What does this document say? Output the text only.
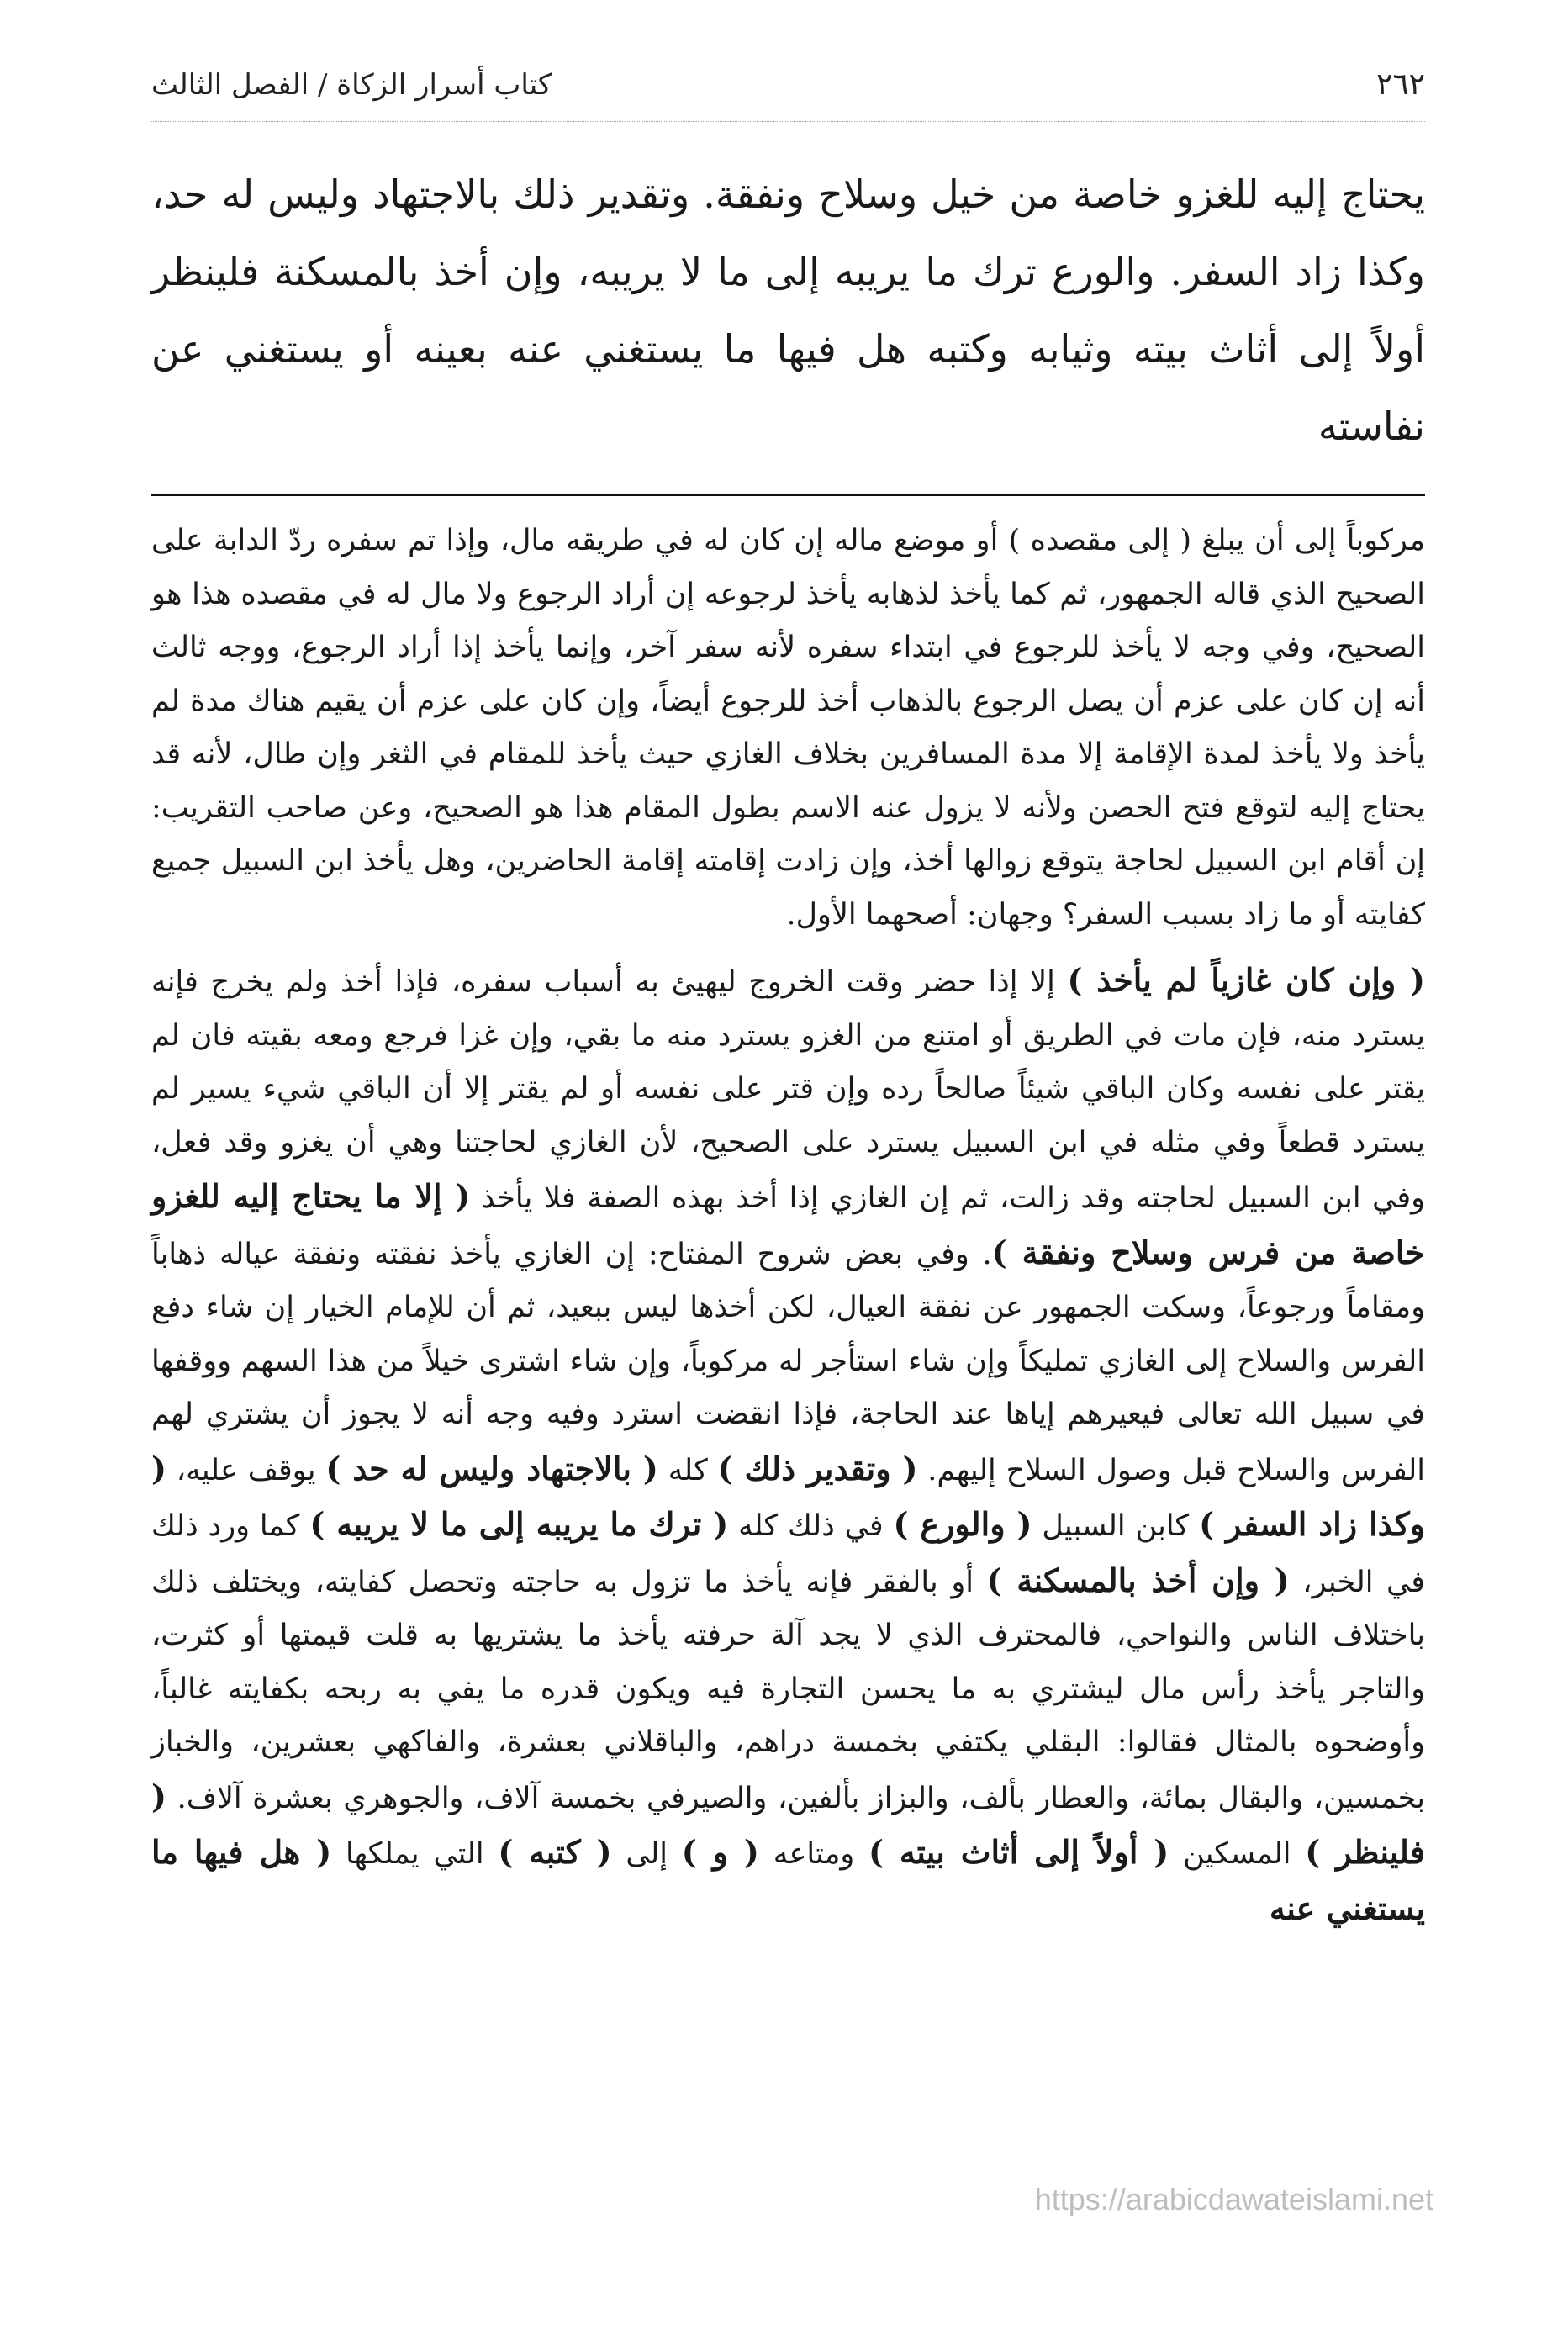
٢٦٢
كتاب أسرار الزكاة / الفصل الثالث

يحتاج إليه للغزو خاصة من خيل وسلاح ونفقة. وتقدير ذلك بالاجتهاد وليس له حد، وكذا زاد السفر. والورع ترك ما يريبه إلى ما لا يريبه، وإن أخذ بالمسكنة فلينظر أولاً إلى أثاث بيته وثيابه وكتبه هل فيها ما يستغني عنه بعينه أو يستغني عن نفاسته

مركوباً إلى أن يبلغ ( إلى مقصده ) أو موضع ماله إن كان له في طريقه مال، وإذا تم سفره ردّ الدابة على الصحيح الذي قاله الجمهور، ثم كما يأخذ لذهابه يأخذ لرجوعه إن أراد الرجوع ولا مال له في مقصده هذا هو الصحيح، وفي وجه لا يأخذ للرجوع في ابتداء سفره لأنه سفر آخر، وإنما يأخذ إذا أراد الرجوع، ووجه ثالث أنه إن كان على عزم أن يصل الرجوع بالذهاب أخذ للرجوع أيضاً، وإن كان على عزم أن يقيم هناك مدة لم يأخذ ولا يأخذ لمدة الإقامة إلا مدة المسافرين بخلاف الغازي حيث يأخذ للمقام في الثغر وإن طال، لأنه قد يحتاج إليه لتوقع فتح الحصن ولأنه لا يزول عنه الاسم بطول المقام هذا هو الصحيح، وعن صاحب التقريب: إن أقام ابن السبيل لحاجة يتوقع زوالها أخذ، وإن زادت إقامته إقامة الحاضرين، وهل يأخذ ابن السبيل جميع كفايته أو ما زاد بسبب السفر؟ وجهان: أصحهما الأول.

( وإن كان غازياً لم يأخذ ) إلا إذا حضر وقت الخروج ليهيئ به أسباب سفره، فإذا أخذ ولم يخرج فإنه يسترد منه، فإن مات في الطريق أو امتنع من الغزو يسترد منه ما بقي، وإن غزا فرجع ومعه بقيته فان لم يقتر على نفسه وكان الباقي شيئاً صالحاً رده وإن قتر على نفسه أو لم يقتر إلا أن الباقي شيء يسير لم يسترد قطعاً وفي مثله في ابن السبيل يسترد على الصحيح، لأن الغازي لحاجتنا وهي أن يغزو وقد فعل، وفي ابن السبيل لحاجته وقد زالت، ثم إن الغازي إذا أخذ بهذه الصفة فلا يأخذ ( إلا ما يحتاج إليه للغزو خاصة من فرس وسلاح ونفقة ). وفي بعض شروح المفتاح: إن الغازي يأخذ نفقته ونفقة عياله ذهاباً ومقاماً ورجوعاً، وسكت الجمهور عن نفقة العيال، لكن أخذها ليس ببعيد، ثم أن للإمام الخيار إن شاء دفع الفرس والسلاح إلى الغازي تمليكاً وإن شاء استأجر له مركوباً، وإن شاء اشترى خيلاً من هذا السهم ووقفها في سبيل الله تعالى فيعيرهم إياها عند الحاجة، فإذا انقضت استرد وفيه وجه أنه لا يجوز أن يشتري لهم الفرس والسلاح قبل وصول السلاح إليهم. ( وتقدير ذلك ) كله ( بالاجتهاد وليس له حد ) يوقف عليه، ( وكذا زاد السفر ) كابن السبيل ( والورع ) في ذلك كله ( ترك ما يريبه إلى ما لا يريبه ) كما ورد ذلك في الخبر، ( وإن أخذ بالمسكنة ) أو بالفقر فإنه يأخذ ما تزول به حاجته وتحصل كفايته، ويختلف ذلك باختلاف الناس والنواحي، فالمحترف الذي لا يجد آلة حرفته يأخذ ما يشتريها به قلت قيمتها أو كثرت، والتاجر يأخذ رأس مال ليشتري به ما يحسن التجارة فيه ويكون قدره ما يفي به ربحه بكفايته غالباً، وأوضحوه بالمثال فقالوا: البقلي يكتفي بخمسة دراهم، والباقلاني بعشرة، والفاكهي بعشرين، والخباز بخمسين، والبقال بمائة، والعطار بألف، والبزاز بألفين، والصيرفي بخمسة آلاف، والجوهري بعشرة آلاف. ( فلينظر ) المسكين ( أولاً إلى أثاث بيته ) ومتاعه ( و ) إلى ( كتبه ) التي يملكها ( هل فيها ما يستغني عنه

https://arabicdawateislami.net
